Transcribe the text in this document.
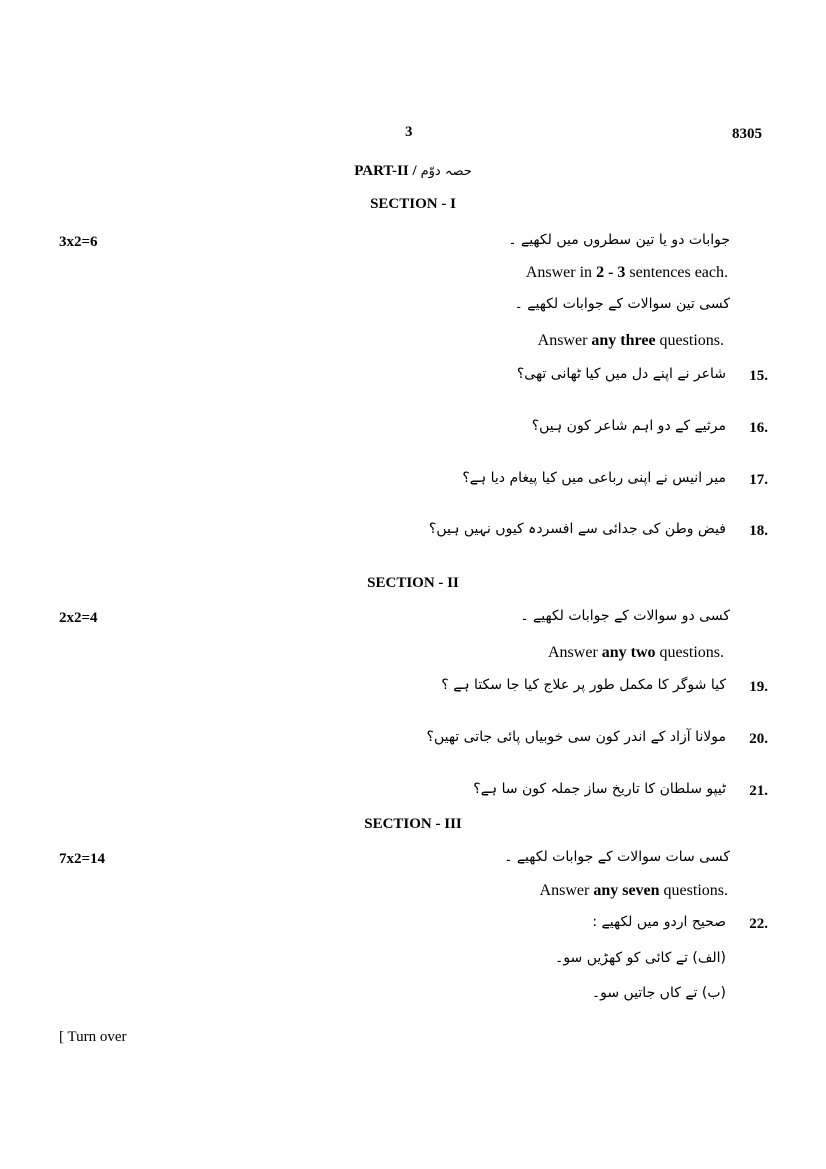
3	8305
PART-II / حصہ دوّم
SECTION - I
3x2=6	جوابات دو یا تین سطروں میں لکھیے ۔
Answer in 2 - 3 sentences each.
کسی تین سوالات کے جوابات لکھیے ۔
Answer any three questions.
15.
شاعر نے اپنے دل میں کیا ٹھانی تھی؟
16.
مرثیے کے دو اہم شاعر کون ہیں؟
17.
میر انیس نے اپنی رباعی میں کیا پیغام دیا ہے؟
18.
فیض وطن کی جدائی سے افسردہ کیوں نہیں ہیں؟
SECTION - II
2x2=4	کسی دو سوالات کے جوابات لکھیے ۔
Answer any two questions.
19.
کیا شوگر کا مکمل طور پر علاج کیا جا سکتا ہے ؟
20.
مولانا آزاد کے اندر کون سی خوبیاں پائی جاتی تھیں؟
21.
ٹیپو سلطان کا تاریخ ساز جملہ کون سا ہے؟
SECTION - III
7x2=14	کسی سات سوالات کے جوابات لکھیے ۔
Answer any seven questions.
22.
صحیح اردو میں لکھیے :
(الف) تے کائی کو کھڑیں سو۔
(ب) تے کاں جاتیں سو۔
[ Turn over
